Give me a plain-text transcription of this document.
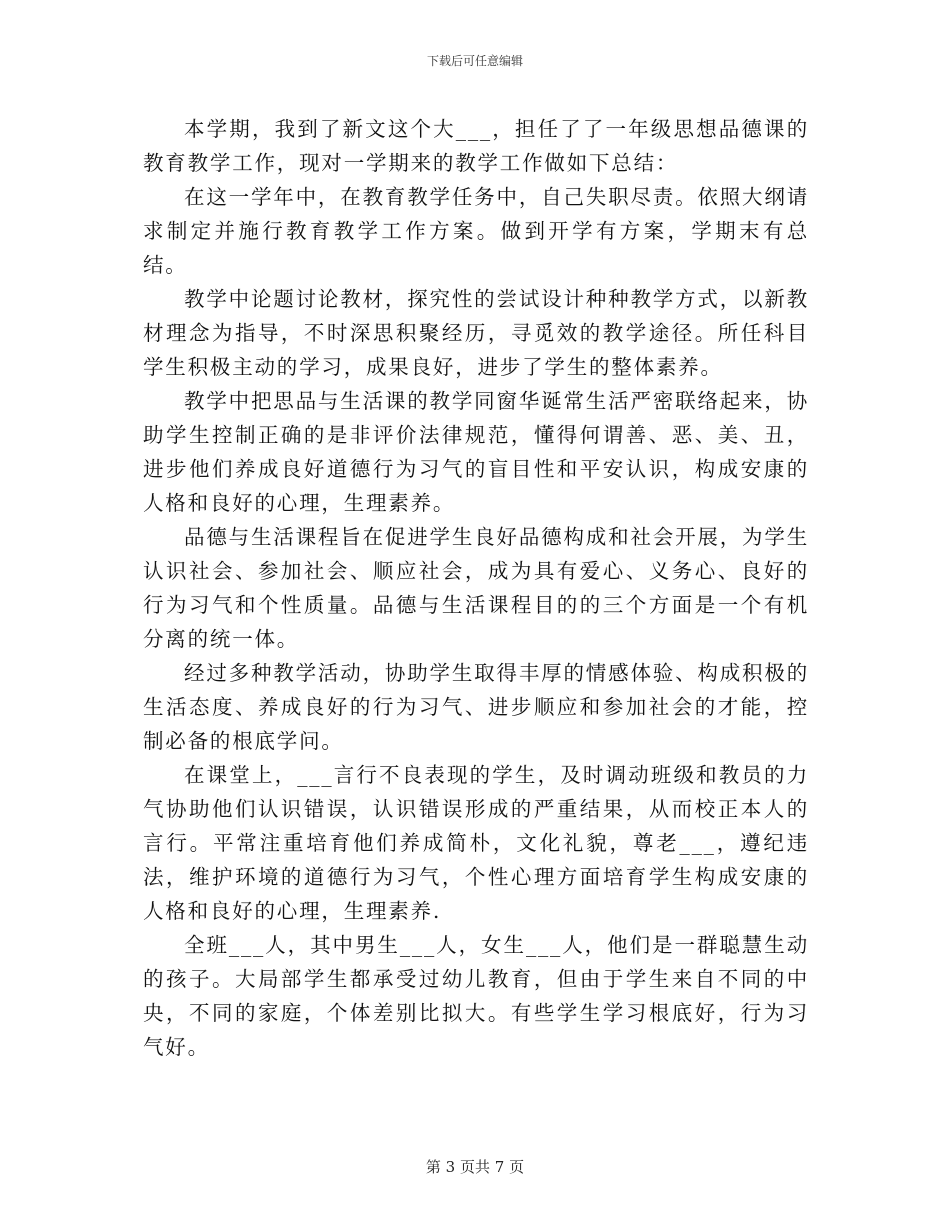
下载后可任意编辑

本学期，我到了新文这个大___，担任了了一年级思想品德课的教育教学工作，现对一学期来的教学工作做如下总结：

在这一学年中，在教育教学任务中，自己失职尽责。依照大纲请求制定并施行教育教学工作方案。做到开学有方案，学期末有总结。

教学中论题讨论教材，探究性的尝试设计种种教学方式，以新教材理念为指导，不时深思积聚经历，寻觅效的教学途径。所任科目学生积极主动的学习，成果良好，进步了学生的整体素养。

教学中把思品与生活课的教学同窗华诞常生活严密联络起来，协助学生控制正确的是非评价法律规范，懂得何谓善、恶、美、丑，进步他们养成良好道德行为习气的盲目性和平安认识，构成安康的人格和良好的心理，生理素养。

品德与生活课程旨在促进学生良好品德构成和社会开展，为学生认识社会、参加社会、顺应社会，成为具有爱心、义务心、良好的行为习气和个性质量。品德与生活课程目的的三个方面是一个有机分离的统一体。

经过多种教学活动，协助学生取得丰厚的情感体验、构成积极的生活态度、养成良好的行为习气、进步顺应和参加社会的才能，控制必备的根底学问。

在课堂上，___言行不良表现的学生，及时调动班级和教员的力气协助他们认识错误，认识错误形成的严重结果，从而校正本人的言行。平常注重培育他们养成简朴，文化礼貌，尊老___，遵纪违法，维护环境的道德行为习气，个性心理方面培育学生构成安康的人格和良好的心理，生理素养.

全班___人，其中男生___人，女生___人，他们是一群聪慧生动的孩子。大局部学生都承受过幼儿教育，但由于学生来自不同的中央，不同的家庭，个体差别比拟大。有些学生学习根底好，行为习气好。

第 3 页共 7 页
